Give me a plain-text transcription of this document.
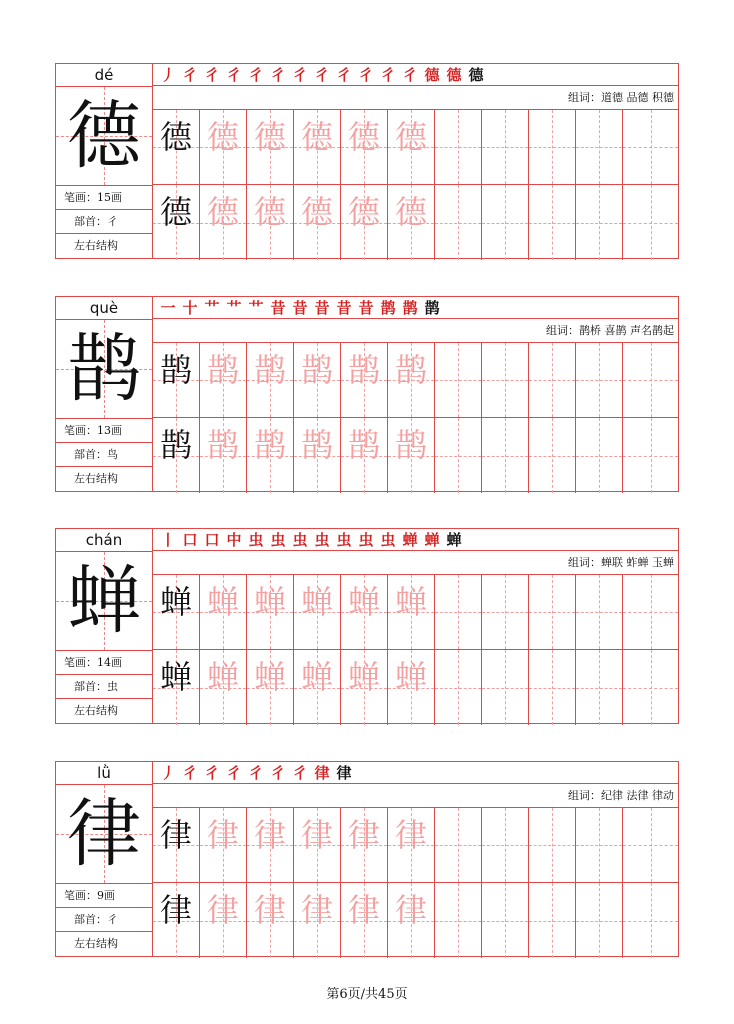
dé
德
笔画：15画
部首：彳
左右结构
丿 彳 彳 彳 彳 彳 彳 彳 彳 彳 彳 彳 德 德 德
组词：道德 品德 积德
德 德 德 德 德 德
德 德 德 德 德 德
què
鹊
笔画：13画
部首：鸟
左右结构
一 十 艹 艹 艹 昔 昔 昔 昔 昔 鹊 鹊 鹊
组词：鹊桥 喜鹊 声名鹊起
鹊 鹊 鹊 鹊 鹊 鹊
鹊 鹊 鹊 鹊 鹊 鹊
chán
蝉
笔画：14画
部首：虫
左右结构
丨 口 口 中 虫 虫 虫 虫 虫 虫 虫 蝉 蝉 蝉
组词：蝉联 蚱蝉 玉蝉
蝉 蝉 蝉 蝉 蝉 蝉
蝉 蝉 蝉 蝉 蝉 蝉
lǜ
律
笔画：9画
部首：彳
左右结构
丿 彳 彳 彳 彳 彳 彳 律 律
组词：纪律 法律 律动
律 律 律 律 律 律
律 律 律 律 律 律
第6页/共45页
